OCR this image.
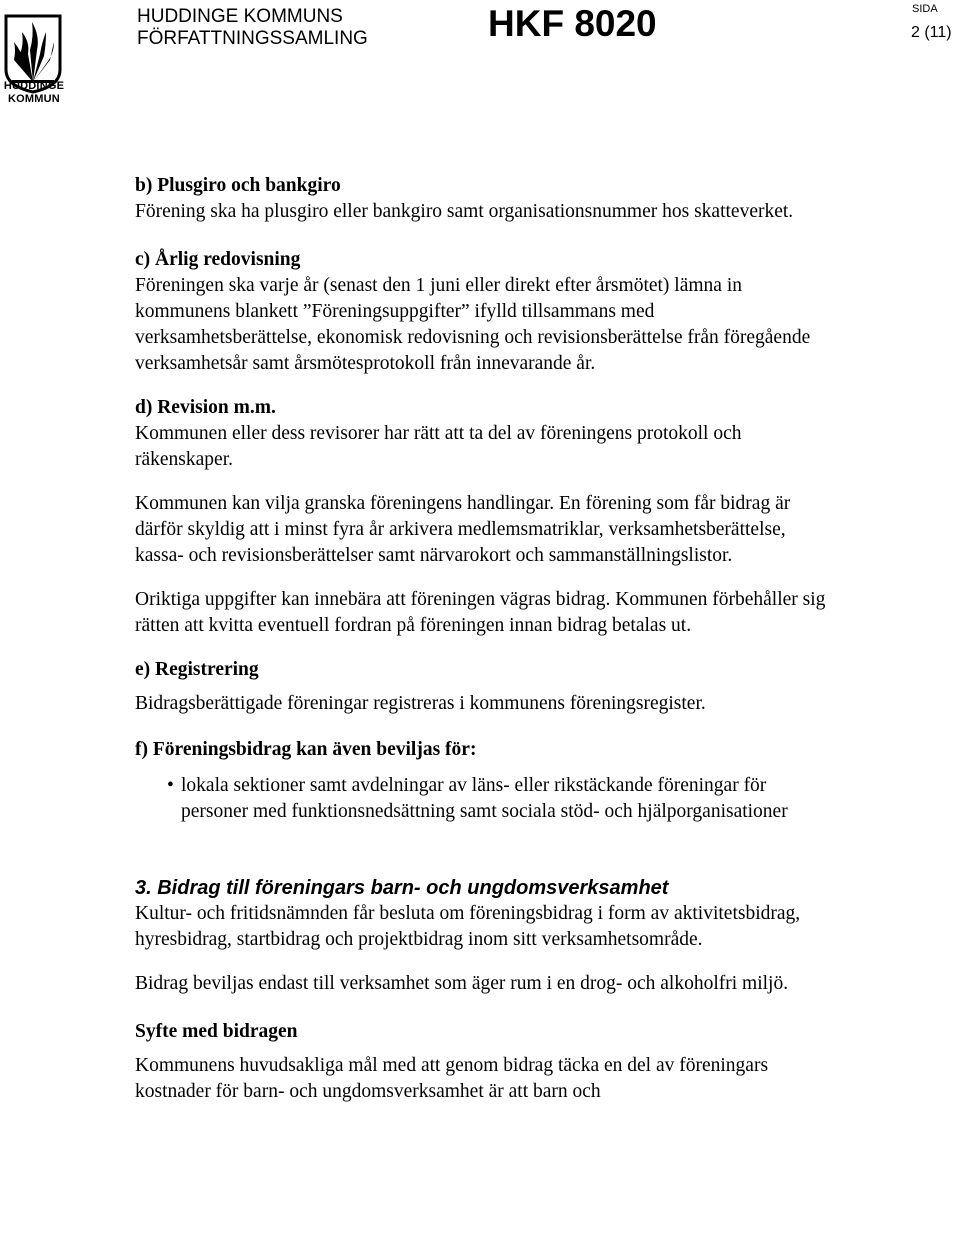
HUDDINGE
KOMMUN
HUDDINGE KOMMUNS
FÖRFATTNINGSSAMLING	HKF 8020	SIDA
2 (11)

b) Plusgiro och bankgiro

Förening ska ha plusgiro eller bankgiro samt organisationsnummer hos skatteverket.

c) Årlig redovisning

Föreningen ska varje år (senast den 1 juni eller direkt efter årsmötet) lämna in kommunens blankett ”Föreningsuppgifter” ifylld tillsammans med verksamhetsberättelse, ekonomisk redovisning och revisionsberättelse från föregående verksamhetsår samt årsmötesprotokoll från innevarande år.

d) Revision m.m.

Kommunen eller dess revisorer har rätt att ta del av föreningens protokoll och räkenskaper.

Kommunen kan vilja granska föreningens handlingar. En förening som får bidrag är därför skyldig att i minst fyra år arkivera medlemsmatriklar, verksamhetsberättelse, kassa- och revisionsberättelser samt närvarokort och sammanställningslistor.

Oriktiga uppgifter kan innebära att föreningen vägras bidrag. Kommunen förbehåller sig rätten att kvitta eventuell fordran på föreningen innan bidrag betalas ut.

e) Registrering

Bidragsberättigade föreningar registreras i kommunens föreningsregister.

f) Föreningsbidrag kan även beviljas för:

• lokala sektioner samt avdelningar av läns- eller rikstäckande föreningar för personer med funktionsnedsättning samt sociala stöd- och hjälporganisationer

3. Bidrag till föreningars barn- och ungdomsverksamhet

Kultur- och fritidsnämnden får besluta om föreningsbidrag i form av aktivitetsbidrag, hyresbidrag, startbidrag och projektbidrag inom sitt verksamhetsområde.

Bidrag beviljas endast till verksamhet som äger rum i en drog- och alkoholfri miljö.

Syfte med bidragen

Kommunens huvudsakliga mål med att genom bidrag täcka en del av föreningars kostnader för barn- och ungdomsverksamhet är att barn och
